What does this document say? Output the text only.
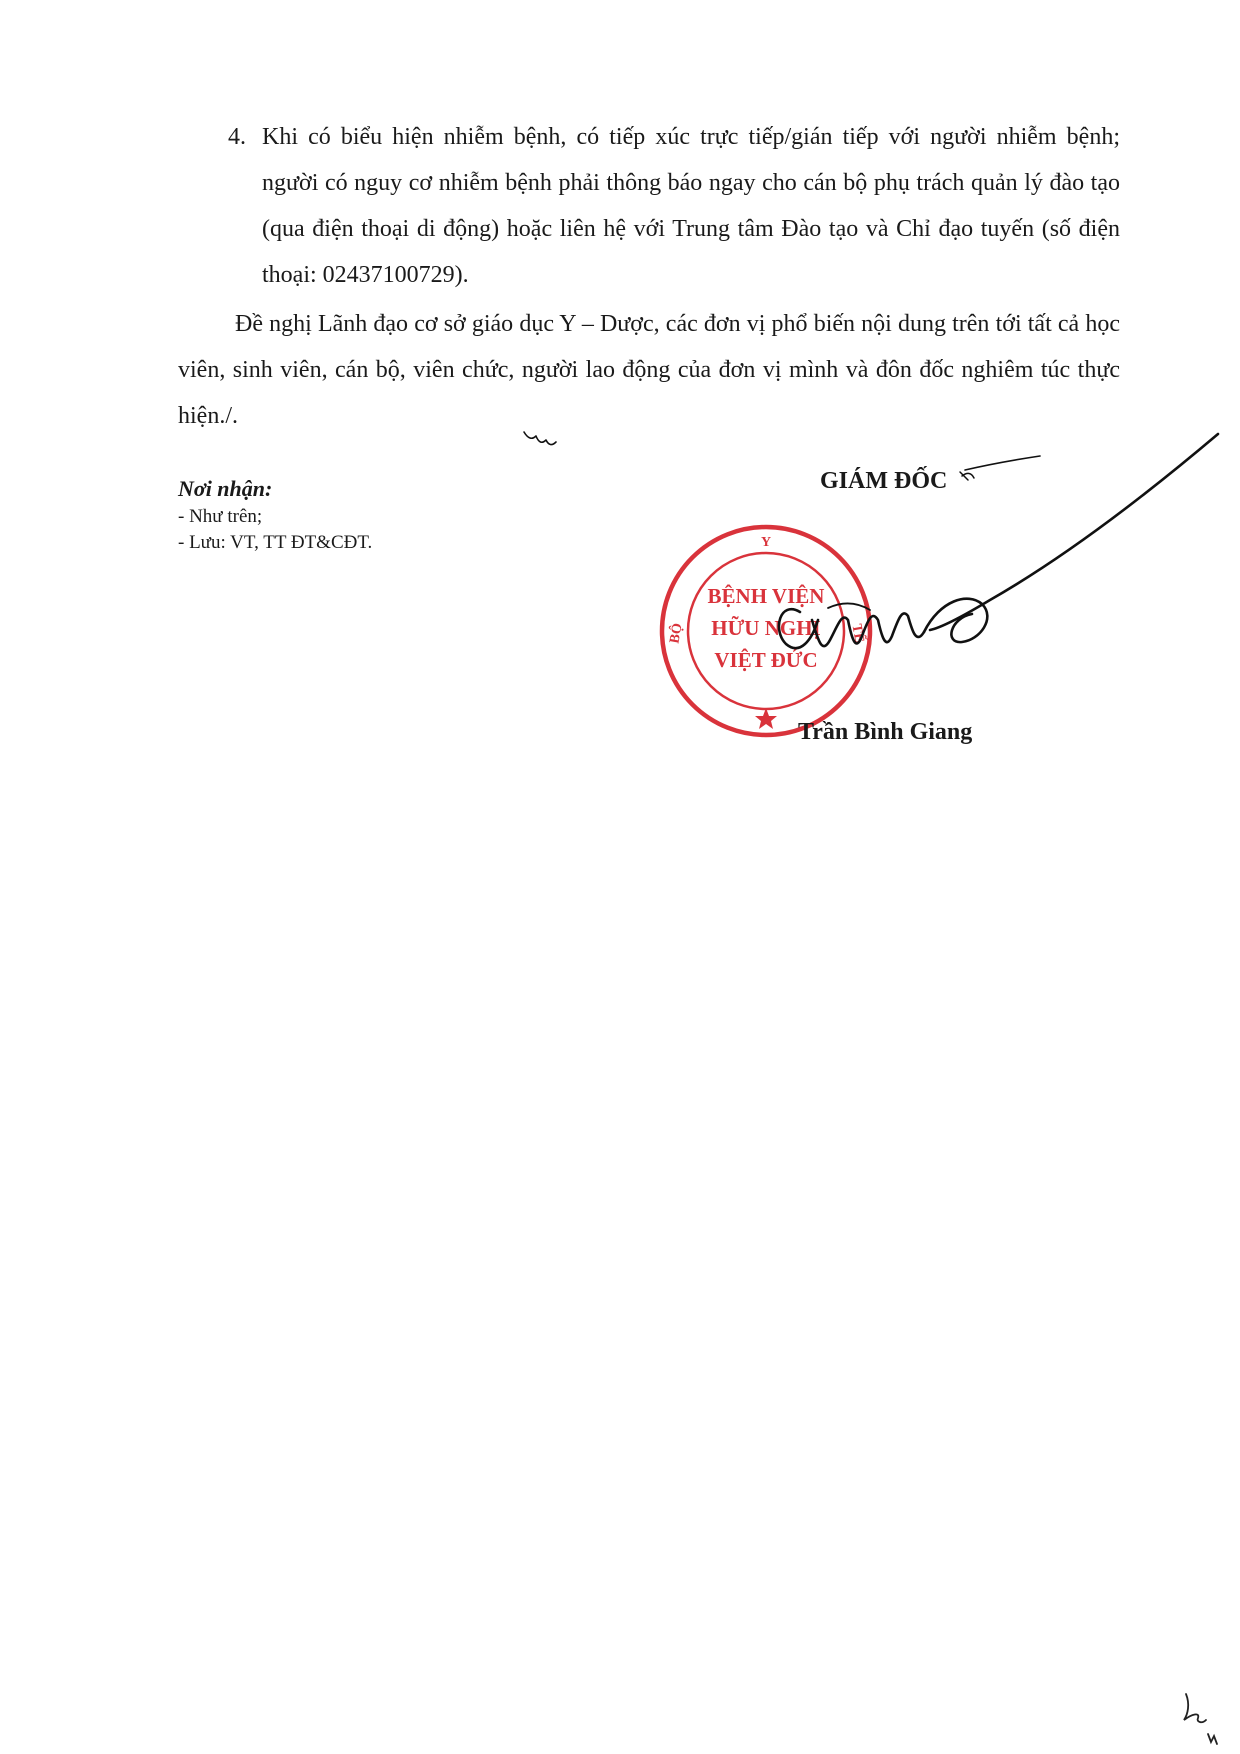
4. Khi có biểu hiện nhiễm bệnh, có tiếp xúc trực tiếp/gián tiếp với người nhiễm bệnh; người có nguy cơ nhiễm bệnh phải thông báo ngay cho cán bộ phụ trách quản lý đào tạo (qua điện thoại di động) hoặc liên hệ với Trung tâm Đào tạo và Chỉ đạo tuyến (số điện thoại: 02437100729).
Đề nghị Lãnh đạo cơ sở giáo dục Y – Dược, các đơn vị phổ biến nội dung trên tới tất cả học viên, sinh viên, cán bộ, viên chức, người lao động của đơn vị mình và đôn đốc nghiêm túc thực hiện./.
Nơi nhận:
- Như trên;
- Lưu: VT, TT ĐT&CĐT.
GIÁM ĐỐC
Y
BỘ	TẾ
BỆNH VIỆN
HỮU NGHỊ
VIỆT ĐỨC
Trần Bình Giang
